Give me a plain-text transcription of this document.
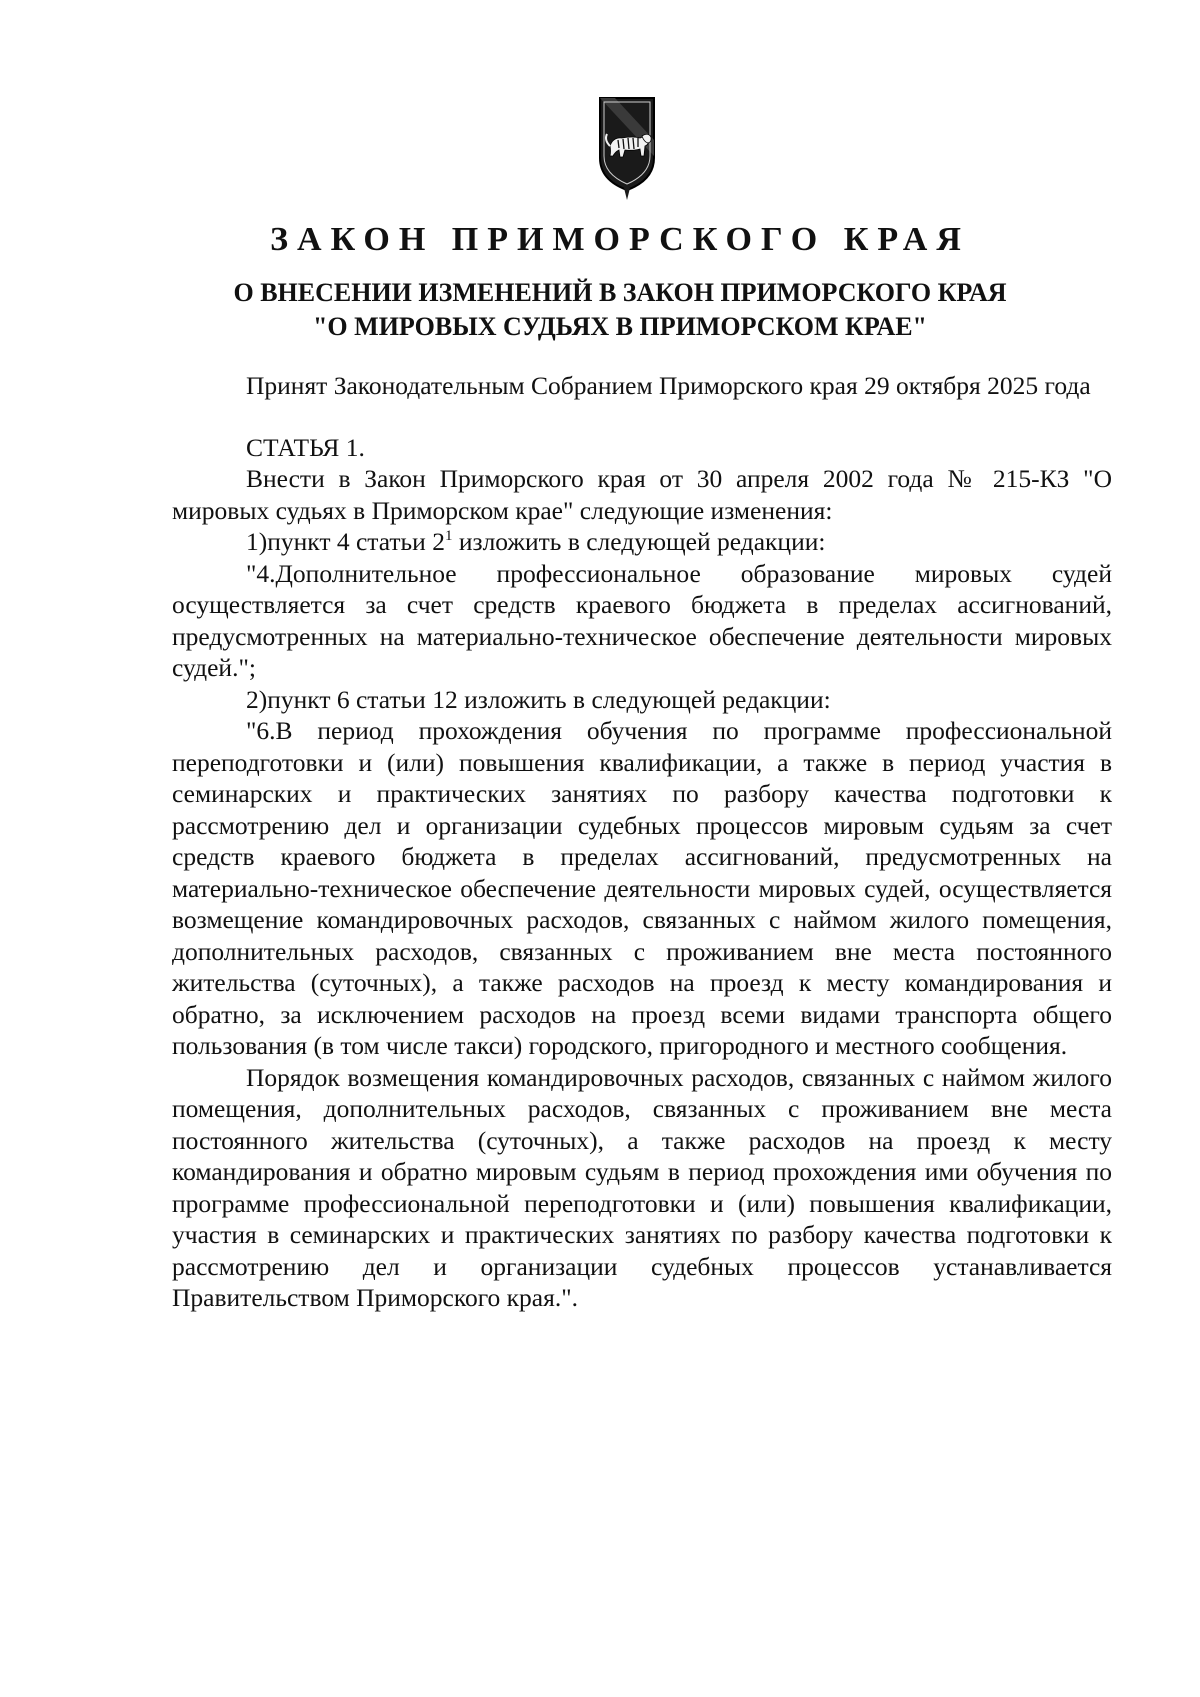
ЗАКОН ПРИМОРСКОГО КРАЯ
О ВНЕСЕНИИ ИЗМЕНЕНИЙ В ЗАКОН ПРИМОРСКОГО КРАЯ
"О МИРОВЫХ СУДЬЯХ В ПРИМОРСКОМ КРАЕ"

Принят Законодательным Собранием Приморского края 29 октября 2025 года

СТАТЬЯ 1.

Внести в Закон Приморского края от 30 апреля 2002 года № 215-КЗ "О мировых судьях в Приморском крае" следующие изменения:

1)пункт 4 статьи $2^1$ изложить в следующей редакции:

"4.Дополнительное профессиональное образование мировых судей осуществляется за счет средств краевого бюджета в пределах ассигнований, предусмотренных на материально-техническое обеспечение деятельности мировых судей.";

2)пункт 6 статьи 12 изложить в следующей редакции:

"6.В период прохождения обучения по программе профессиональной переподготовки и (или) повышения квалификации, а также в период участия в семинарских и практических занятиях по разбору качества подготовки к рассмотрению дел и организации судебных процессов мировым судьям за счет средств краевого бюджета в пределах ассигнований, предусмотренных на материально-техническое обеспечение деятельности мировых судей, осуществляется возмещение командировочных расходов, связанных с наймом жилого помещения, дополнительных расходов, связанных с проживанием вне места постоянного жительства (суточных), а также расходов на проезд к месту командирования и обратно, за исключением расходов на проезд всеми видами транспорта общего пользования (в том числе такси) городского, пригородного и местного сообщения.

Порядок возмещения командировочных расходов, связанных с наймом жилого помещения, дополнительных расходов, связанных с проживанием вне места постоянного жительства (суточных), а также расходов на проезд к месту командирования и обратно мировым судьям в период прохождения ими обучения по программе профессиональной переподготовки и (или) повышения квалификации, участия в семинарских и практических занятиях по разбору качества подготовки к рассмотрению дел и организации судебных процессов устанавливается Правительством Приморского края.".
